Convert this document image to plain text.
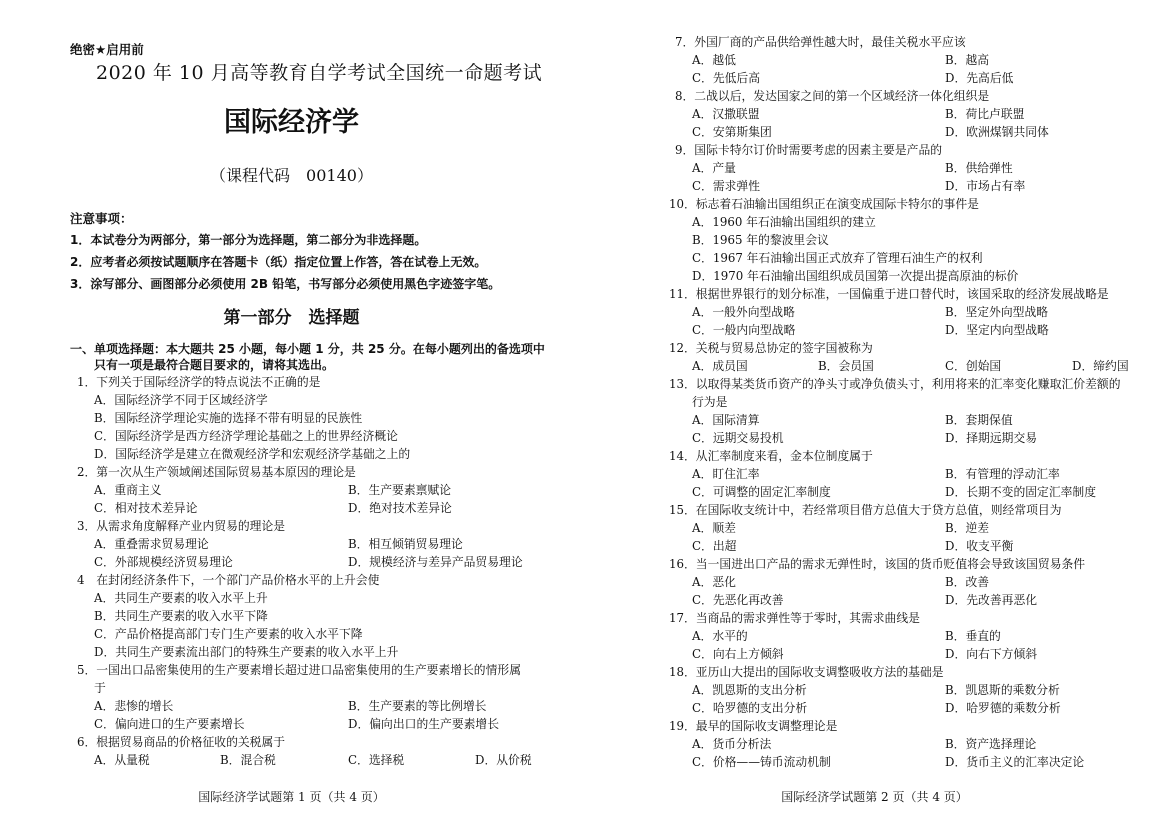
绝密★启用前
2020 年 10 月高等教育自学考试全国统一命题考试
国际经济学
（课程代码　00140）
注意事项：
1．本试卷分为两部分，第一部分为选择题，第二部分为非选择题。
2．应考者必须按试题顺序在答题卡（纸）指定位置上作答，答在试卷上无效。
3．涂写部分、画图部分必须使用 2B 铅笔，书写部分必须使用黑色字迹签字笔。
第一部分　选择题
一、单项选择题：本大题共 25 小题，每小题 1 分，共 25 分。在每小题列出的备选项中
只有一项是最符合题目要求的，请将其选出。
1．下列关于国际经济学的特点说法不正确的是
A．国际经济学不同于区域经济学
B．国际经济学理论实施的选择不带有明显的民族性
C．国际经济学是西方经济学理论基础之上的世界经济概论
D．国际经济学是建立在微观经济学和宏观经济学基础之上的
2．第一次从生产领域阐述国际贸易基本原因的理论是
A．重商主义	B．生产要素禀赋论
C．相对技术差异论	D．绝对技术差异论
3．从需求角度解释产业内贸易的理论是
A．重叠需求贸易理论	B．相互倾销贸易理论
C．外部规模经济贸易理论	D．规模经济与差异产品贸易理论
4　在封闭经济条件下，一个部门产品价格水平的上升会使
A．共同生产要素的收入水平上升
B．共同生产要素的收入水平下降
C．产品价格提高部门专门生产要素的收入水平下降
D．共同生产要素流出部门的特殊生产要素的收入水平上升
5．一国出口品密集使用的生产要素增长超过进口品密集使用的生产要素增长的情形属
于
A．悲惨的增长	B．生产要素的等比例增长
C．偏向进口的生产要素增长	D．偏向出口的生产要素增长
6．根据贸易商品的价格征收的关税属于
A．从量税	B．混合税	C．选择税	D．从价税
国际经济学试题第 1 页（共 4 页）
7．外国厂商的产品供给弹性越大时，最佳关税水平应该
A．越低	B．越高
C．先低后高	D．先高后低
8．二战以后，发达国家之间的第一个区域经济一体化组织是
A．汉撒联盟	B．荷比卢联盟
C．安第斯集团	D．欧洲煤钢共同体
9．国际卡特尔订价时需要考虑的因素主要是产品的
A．产量	B．供给弹性
C．需求弹性	D．市场占有率
10．标志着石油输出国组织正在演变成国际卡特尔的事件是
A．1960 年石油输出国组织的建立
B．1965 年的黎波里会议
C．1967 年石油输出国正式放弃了管理石油生产的权利
D．1970 年石油输出国组织成员国第一次提出提高原油的标价
11．根据世界银行的划分标准，一国偏重于进口替代时，该国采取的经济发展战略是
A．一般外向型战略	B．坚定外向型战略
C．一般内向型战略	D．坚定内向型战略
12．关税与贸易总协定的签字国被称为
A．成员国	B．会员国	C．创始国	D．缔约国
13．以取得某类货币资产的净头寸或净负债头寸，利用将来的汇率变化赚取汇价差额的
行为是
A．国际清算	B．套期保值
C．远期交易投机	D．择期远期交易
14．从汇率制度来看，金本位制度属于
A．盯住汇率	B．有管理的浮动汇率
C．可调整的固定汇率制度	D．长期不变的固定汇率制度
15．在国际收支统计中，若经常项目借方总值大于贷方总值，则经常项目为
A．顺差	B．逆差
C．出超	D．收支平衡
16．当一国进出口产品的需求无弹性时，该国的货币贬值将会导致该国贸易条件
A．恶化	B．改善
C．先恶化再改善	D．先改善再恶化
17．当商品的需求弹性等于零时，其需求曲线是
A．水平的	B．垂直的
C．向右上方倾斜	D．向右下方倾斜
18．亚历山大提出的国际收支调整吸收方法的基础是
A．凯恩斯的支出分析	B．凯恩斯的乘数分析
C．哈罗德的支出分析	D．哈罗德的乘数分析
19．最早的国际收支调整理论是
A．货币分析法	B．资产选择理论
C．价格——铸币流动机制	D．货币主义的汇率决定论
国际经济学试题第 2 页（共 4 页）
